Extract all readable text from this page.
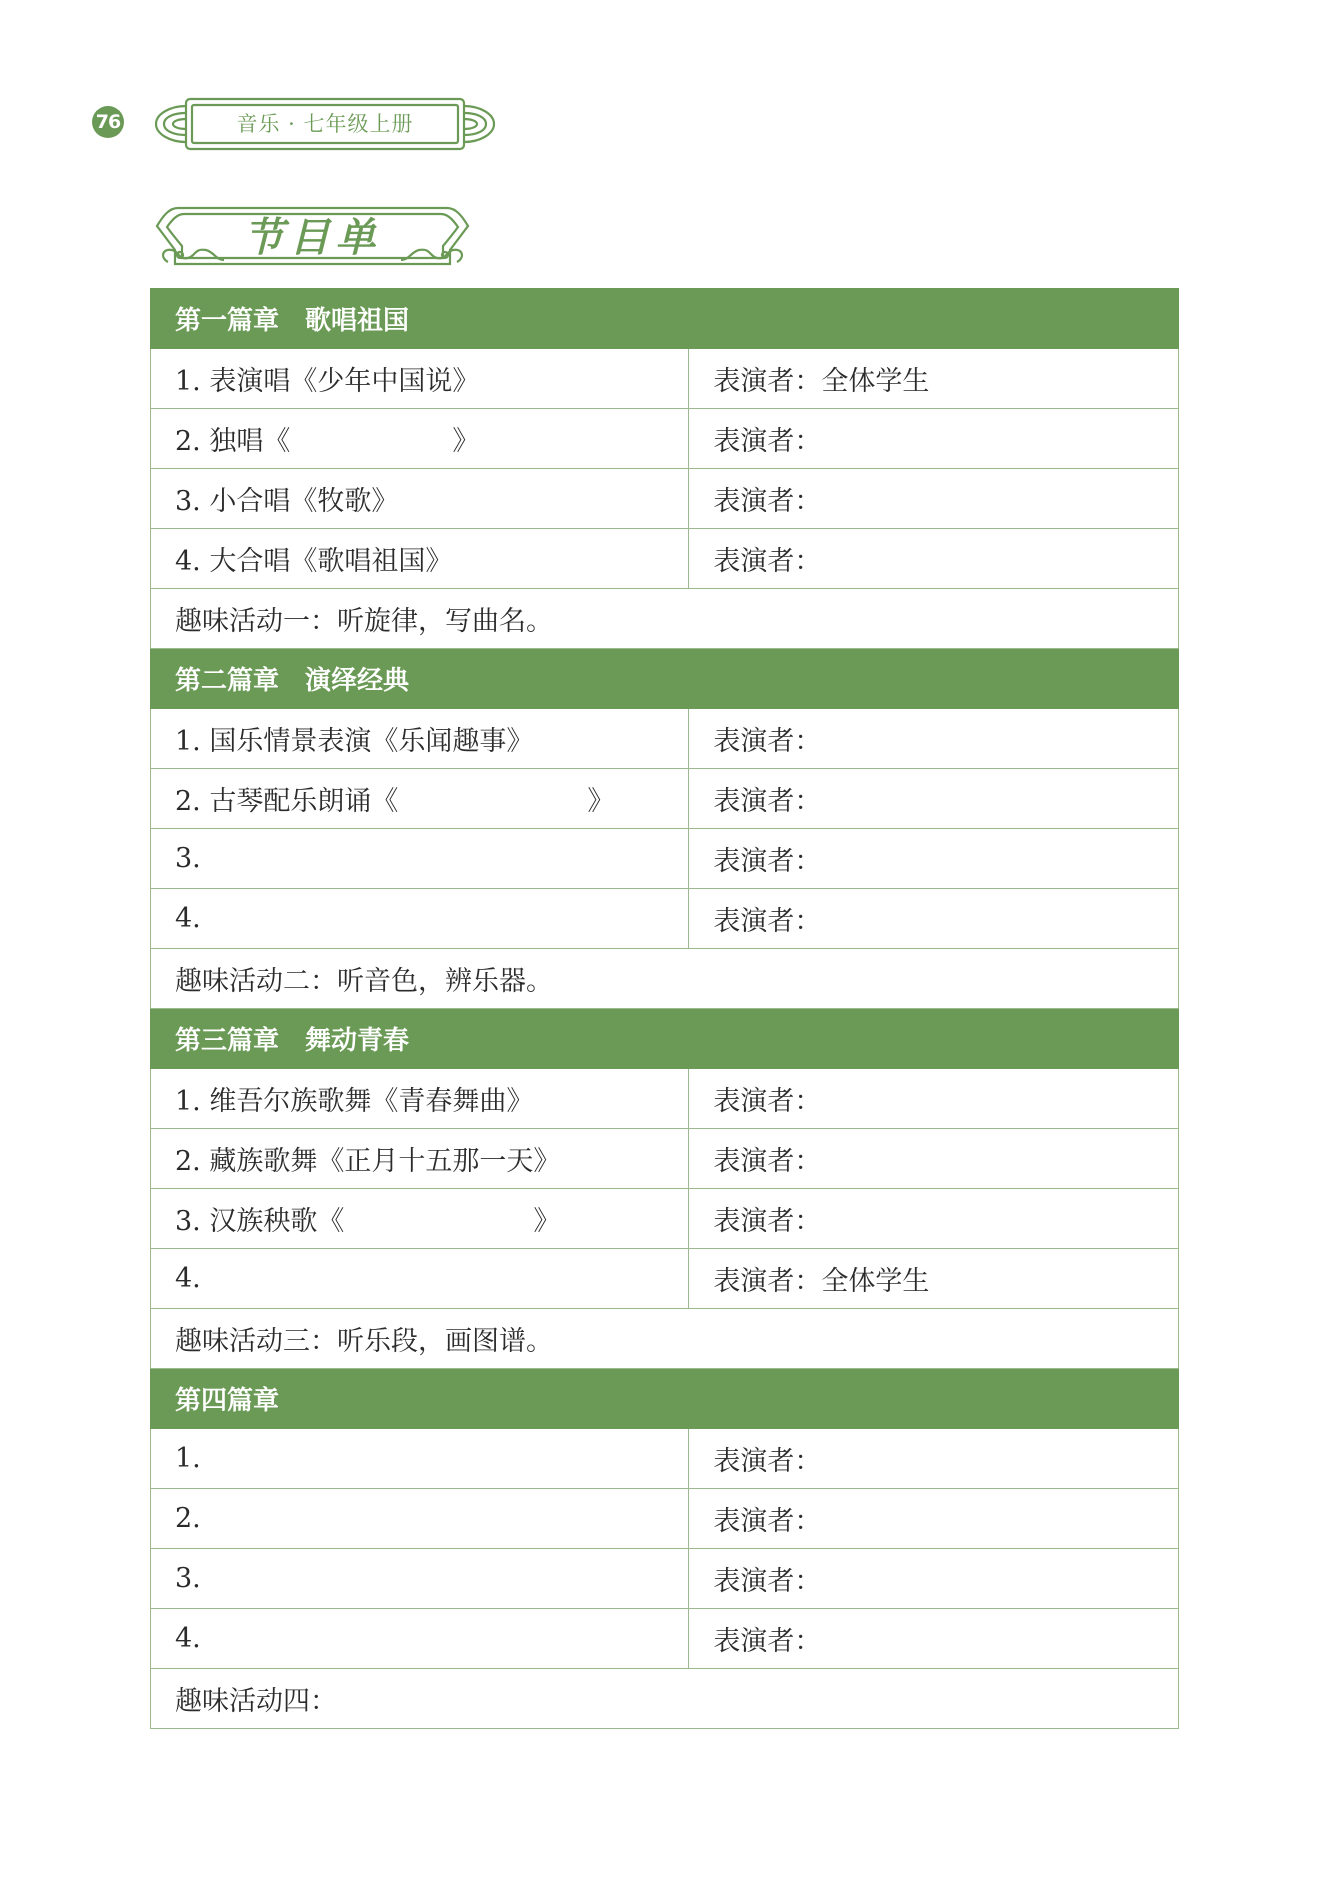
76	音乐 · 七年级上册
节目单
第一篇章　歌唱祖国	
1. 表演唱《少年中国说》	表演者：全体学生
2. 独唱《　　　　　　》	表演者：
3. 小合唱《牧歌》	表演者：
4. 大合唱《歌唱祖国》	表演者：
趣味活动一：听旋律，写曲名。	
第二篇章　演绎经典	
1. 国乐情景表演《乐闻趣事》	表演者：
2. 古琴配乐朗诵《　　　　　　　》	表演者：
3.	表演者：
4.	表演者：
趣味活动二：听音色，辨乐器。	
第三篇章　舞动青春	
1. 维吾尔族歌舞《青春舞曲》	表演者：
2. 藏族歌舞《正月十五那一天》	表演者：
3. 汉族秧歌《　　　　　　　》	表演者：
4.	表演者：全体学生
趣味活动三：听乐段，画图谱。	
第四篇章	
1.	表演者：
2.	表演者：
3.	表演者：
4.	表演者：
趣味活动四：	
